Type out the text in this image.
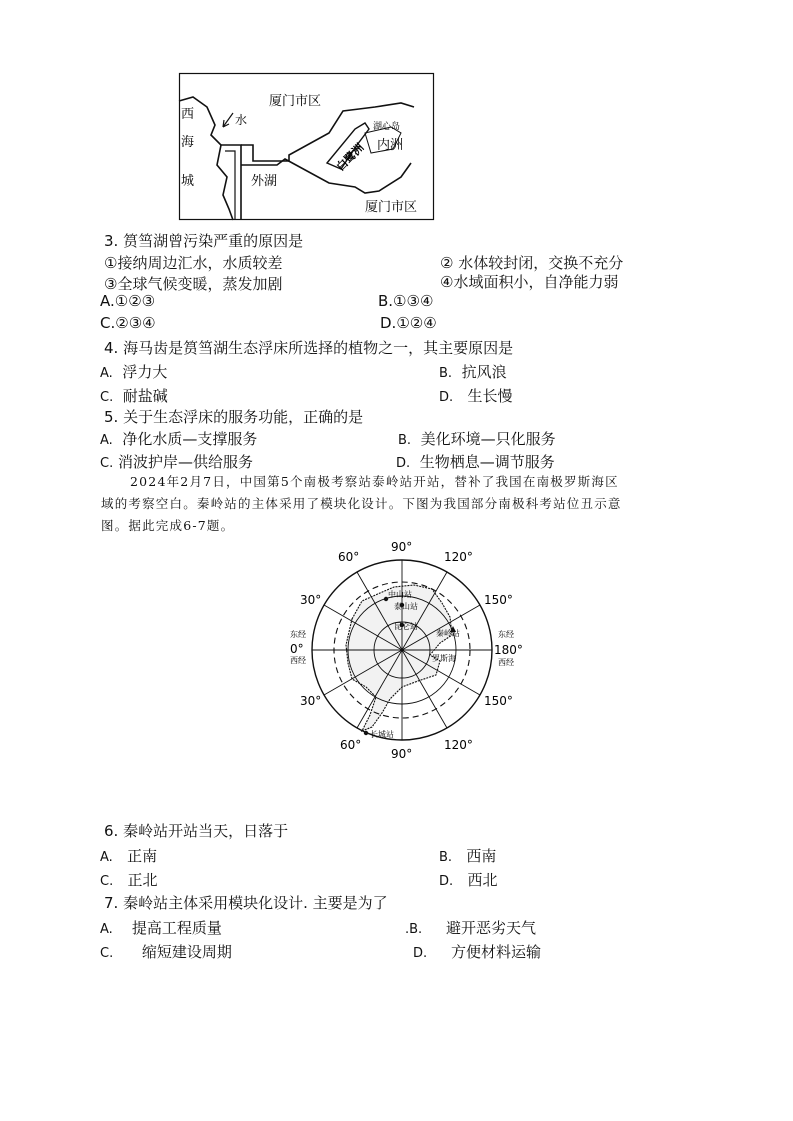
西
海
城
水
厦门市区
湖心岛
内洲
白鹭洲
外湖
厦门市区
3. 筼筜湖曾污染严重的原因是
①接纳周边汇水，水质较差	② 水体较封闭，交换不充分
③全球气候变暖，蒸发加剧	④水域面积小，自净能力弱
A.①②③	B.①③④
C.②③④	D.①②④
4. 海马齿是筼筜湖生态浮床所选择的植物之一，其主要原因是
A. 浮力大	B. 抗风浪
C. 耐盐碱	D. 生长慢
5. 关于生态浮床的服务功能，正确的是
A. 净化水质—支撑服务	B. 美化环境—只化服务
C. 消波护岸—供给服务	D. 生物栖息—调节服务
2024年2月7日，中国第5个南极考察站泰岭站开站，替补了我国在南极罗斯海区
域的考察空白。秦岭站的主体采用了模块化设计。下图为我国部分南极科考站位丑示意
图。据此完成6-7题。
90°
90°
60°	120°
30°	150°
30°	150°
60°	120°
东经
0°
西经
东经
180°
西经
中山站
泰山站
昆仑站
秦岭站
罗斯海
长城站
6. 秦岭站开站当天，日落于
A. 正南	B. 西南
C. 正北	D. 西北
7. 秦岭站主体采用模块化设计. 主要是为了
A. 提高工程质量	.B. 避开恶劣天气
C. 缩短建设周期	D. 方便材料运输
